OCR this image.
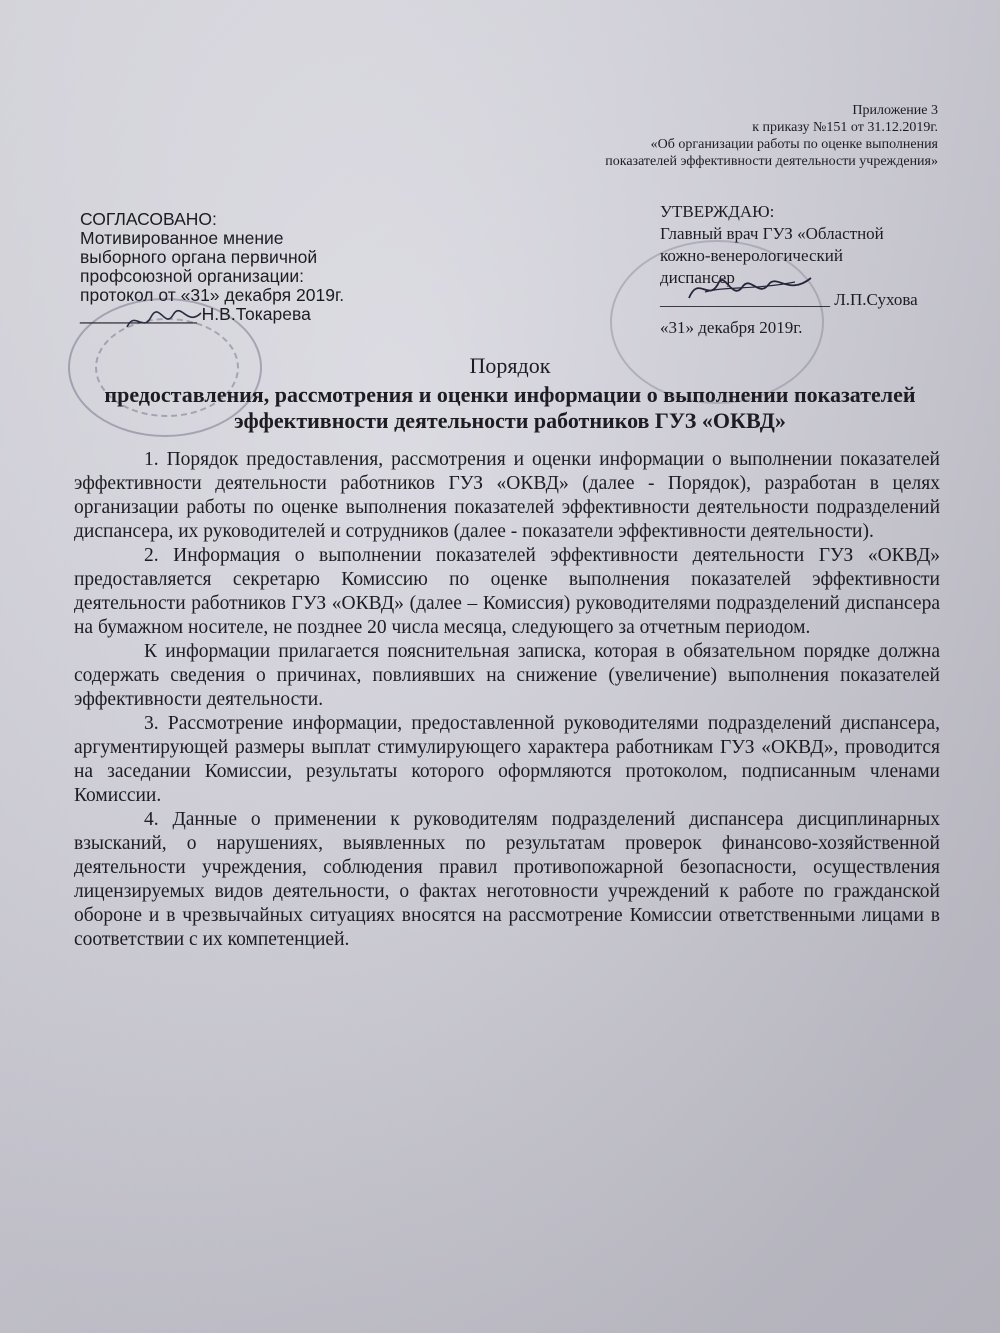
Приложение 3
к приказу №151 от 31.12.2019г.
«Об организации работы по оценке выполнения
показателей эффективности деятельности учреждения»
СОГЛАСОВАНО:
Мотивированное мнение
выборного органа первичной
профсоюзной организации:
протокол от «31» декабря 2019г.
____________ Н.В.Токарева
УТВЕРЖДАЮ:
Главный врач ГУЗ «Областной
кожно-венерологический
диспансер
____________________ Л.П.Сухова
«31» декабря 2019г.
Порядок
предоставления, рассмотрения и оценки информации о выполнении показателей
эффективности деятельности работников ГУЗ «ОКВД»

1. Порядок предоставления, рассмотрения и оценки информации о выполнении показателей эффективности деятельности работников ГУЗ «ОКВД» (далее - Порядок), разработан в целях организации работы по оценке выполнения показателей эффективности деятельности подразделений диспансера, их руководителей и сотрудников (далее - показатели эффективности деятельности).

2. Информация о выполнении показателей эффективности деятельности ГУЗ «ОКВД» предоставляется секретарю Комиссию по оценке выполнения показателей эффективности деятельности работников ГУЗ «ОКВД» (далее – Комиссия) руководителями подразделений диспансера на бумажном носителе, не позднее 20 числа месяца, следующего за отчетным периодом.

К информации прилагается пояснительная записка, которая в обязательном порядке должна содержать сведения о причинах, повлиявших на снижение (увеличение) выполнения показателей эффективности деятельности.

3. Рассмотрение информации, предоставленной руководителями подразделений диспансера, аргументирующей размеры выплат стимулирующего характера работникам ГУЗ «ОКВД», проводится на заседании Комиссии, результаты которого оформляются протоколом, подписанным членами Комиссии.

4. Данные о применении к руководителям подразделений диспансера дисциплинарных взысканий, о нарушениях, выявленных по результатам проверок финансово-хозяйственной деятельности учреждения, соблюдения правил противопожарной безопасности, осуществления лицензируемых видов деятельности, о фактах неготовности учреждений к работе по гражданской обороне и в чрезвычайных ситуациях вносятся на рассмотрение Комиссии ответственными лицами в соответствии с их компетенцией.
